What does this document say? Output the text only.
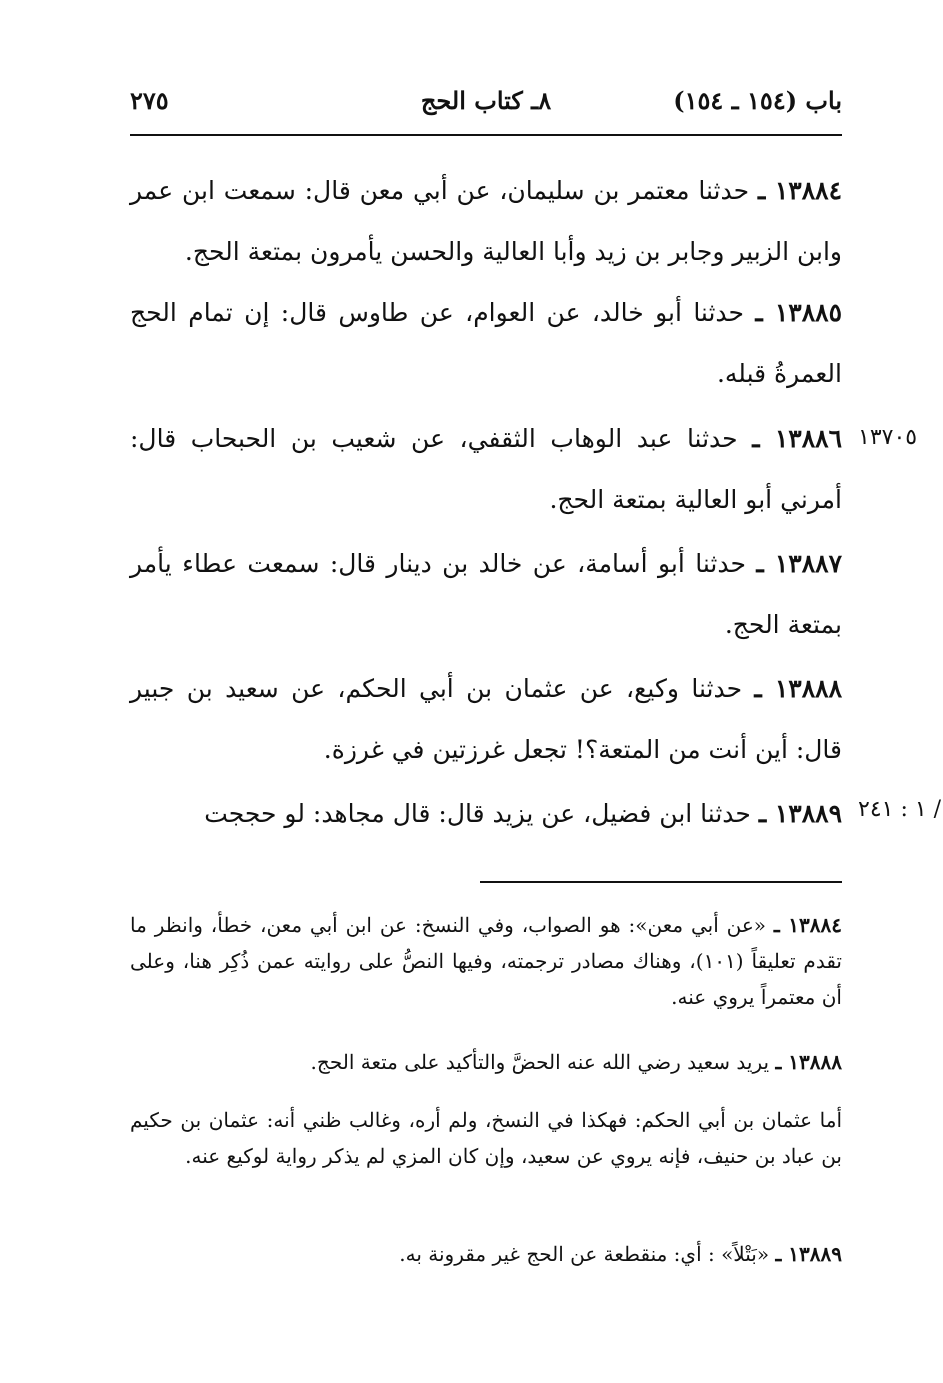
باب (١٥٤ ـ ١٥٤)
٨ـ كتاب الحج
٢٧٥

١٣٨٨٤ ـ حدثنا معتمر بن سليمان، عن أبي معن قال: سمعت ابن عمر وابن الزبير وجابر بن زيد وأبا العالية والحسن يأمرون بمتعة الحج.

١٣٨٨٥ ـ حدثنا أبو خالد، عن العوام، عن طاوس قال: إن تمام الحج العمرةُ قبله.

١٣٨٨٦ ـ حدثنا عبد الوهاب الثقفي، عن شعيب بن الحبحاب قال: أمرني أبو العالية بمتعة الحج.

١٣٧٠٥

١٣٨٨٧ ـ حدثنا أبو أسامة، عن خالد بن دينار قال: سمعت عطاء يأمر بمتعة الحج.

١٣٨٨٨ ـ حدثنا وكيع، عن عثمان بن أبي الحكم، عن سعيد بن جبير قال: أين أنت من المتعة؟! تجعل غرزتين في غرزة.

١٣٨٨٩ ـ حدثنا ابن فضيل، عن يزيد قال: قال مجاهد: لو حججت	/ ١ : ٢٤١

١٣٨٨٤ ـ «عن أبي معن»: هو الصواب، وفي النسخ: عن ابن أبي معن، خطأ، وانظر ما تقدم تعليقاً (١٠١)، وهناك مصادر ترجمته، وفيها النصُّ على روايته عمن ذُكِر هنا، وعلى أن معتمراً يروي عنه.

١٣٨٨٨ ـ يريد سعيد رضي الله عنه الحضَّ والتأكيد على متعة الحج.

أما عثمان بن أبي الحكم: فهكذا في النسخ، ولم أره، وغالب ظني أنه: عثمان بن حكيم بن عباد بن حنيف، فإنه يروي عن سعيد، وإن كان المزي لم يذكر رواية لوكيع عنه.

١٣٨٨٩ ـ «بَتْلاً» : أي: منقطعة عن الحج غير مقرونة به.
